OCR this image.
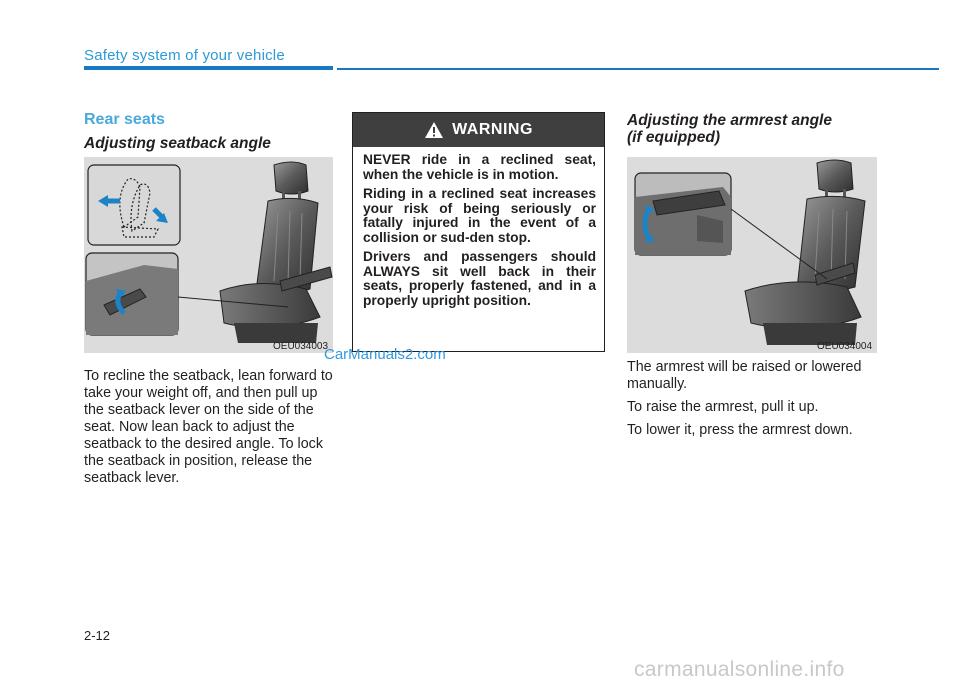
Safety system of your vehicle
Rear seats
Adjusting seatback angle
OEU034003

To recline the seatback, lean forward to take your weight off, and then pull up the seatback lever on the side of the seat. Now lean back to adjust the seatback to the desired angle. To lock the seatback in position, release the seatback lever.

WARNING

NEVER ride in a reclined seat, when the vehicle is in motion.

Riding in a reclined seat increases your risk of being seriously or fatally injured in the event of a collision or sud-den stop.

Drivers and passengers should ALWAYS sit well back in their seats, properly fastened, and in a properly upright position.

CarManuals2.com
Adjusting the armrest angle
(if equipped)
OEU034004

The armrest will be raised or lowered manually.

To raise the armrest, pull it up.

To lower it, press the armrest down.

2-12
carmanualsonline.info
